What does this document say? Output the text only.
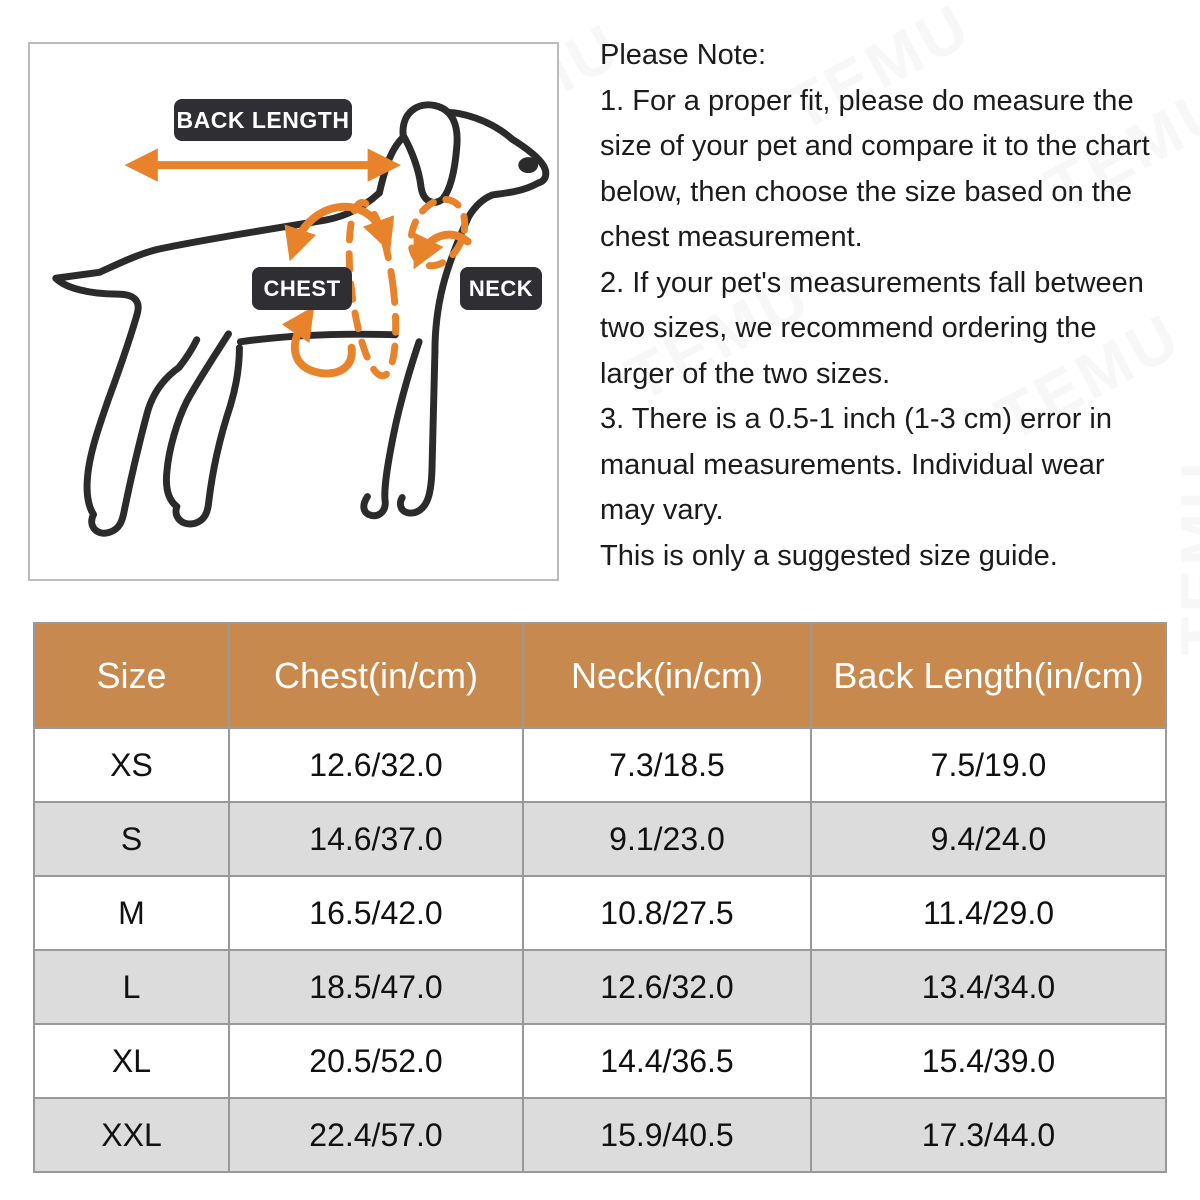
BACK LENGTH
CHEST	NECK
Please Note:
1. For a proper fit, please do measure the
size of your pet and compare it to the chart
below, then choose the size based on the
chest measurement.
2. If your pet's measurements fall between
two sizes, we recommend ordering the
larger of the two sizes.
3. There is a 0.5-1 inch (1-3 cm) error in
manual measurements. Individual wear
may vary.
This is only a suggested size guide.
Size	Chest(in/cm)	Neck(in/cm)	Back Length(in/cm)
XS	12.6/32.0	7.3/18.5	7.5/19.0
S	14.6/37.0	9.1/23.0	9.4/24.0
M	16.5/42.0	10.8/27.5	11.4/29.0
L	18.5/47.0	12.6/32.0	13.4/34.0
XL	20.5/52.0	14.4/36.5	15.4/39.0
XXL	22.4/57.0	15.9/40.5	17.3/44.0
